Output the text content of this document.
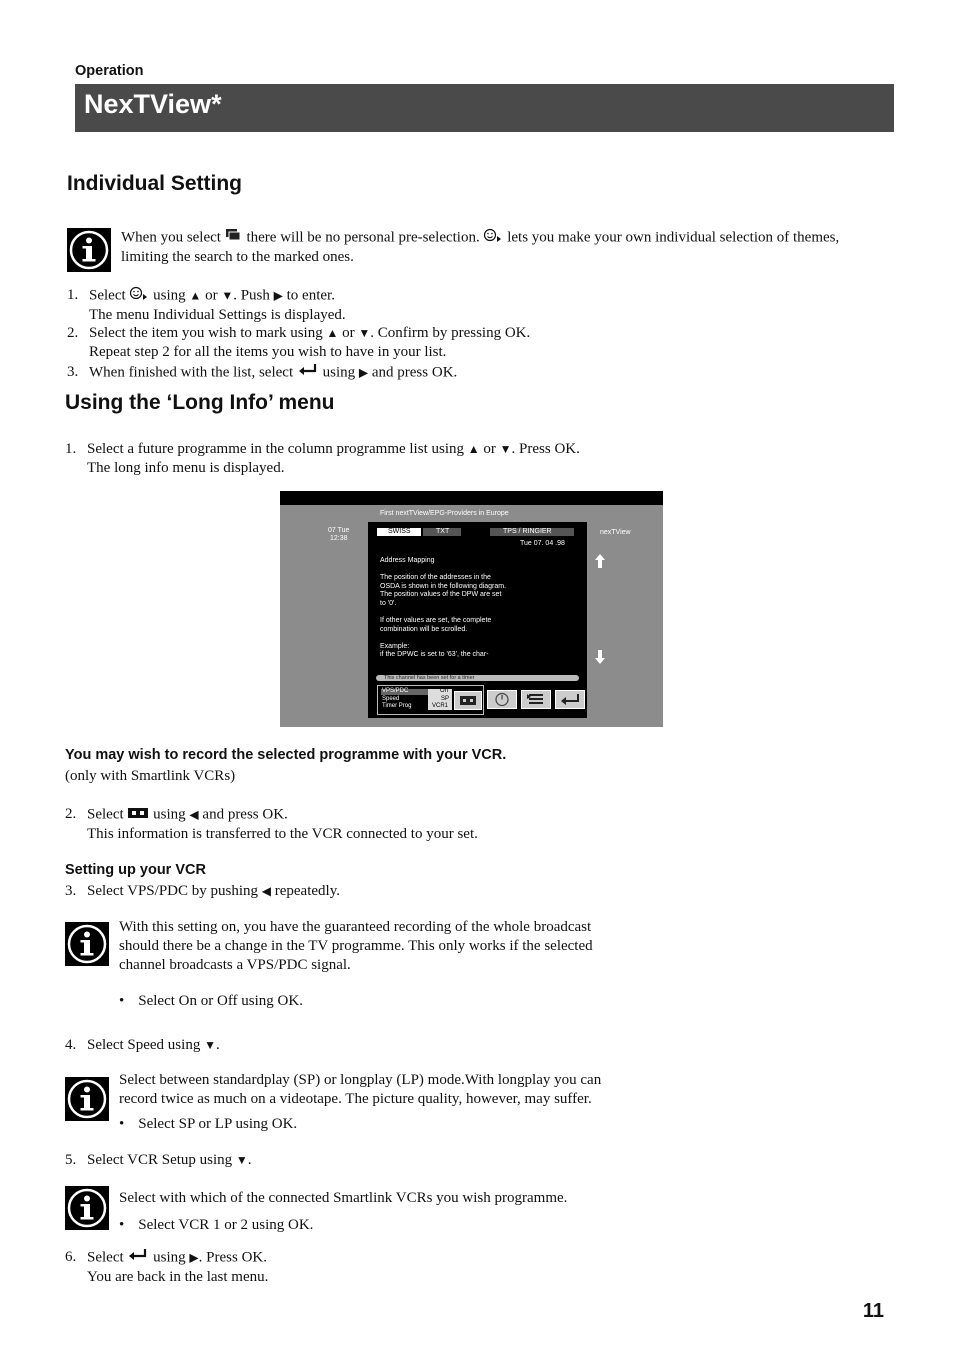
Operation
NexTView*
Individual Setting
When you select there will be no personal pre-selection. lets you make your own individual selection of themes,
limiting the search to the marked ones.
1. Select using ▲ or ▼. Push ▶ to enter.
The menu Individual Settings is displayed.
2. Select the item you wish to mark using ▲ or ▼. Confirm by pressing OK.
Repeat step 2 for all the items you wish to have in your list.
3. When finished with the list, select using ▶ and press OK.
Using the ‘Long Info’ menu
1. Select a future programme in the column programme list using ▲ or ▼. Press OK.
The long info menu is displayed.
First nextTView/EPG-Providers in Europe
07 Tue
12:38
nexTView
SWISS	TXT	TPS / RINGIER
Tue 07. 04 .98
Address Mapping
The position of the addresses in the
OSDA is shown in the following diagram.
The position values of the DPW are set
to '0'.
If other values are set, the complete
combination will be scrolled.
Example:
if the DPWC is set to '63', the char-
This channel has been set for a timer
VPS/PDC
Speed
Timer Prog
On
SP
VCR1
You may wish to record the selected programme with your VCR.
(only with Smartlink VCRs)
2. Select using ◀ and press OK.
This information is transferred to the VCR connected to your set.
Setting up your VCR
3. Select VPS/PDC by pushing ◀ repeatedly.
With this setting on, you have the guaranteed recording of the whole broadcast
should there be a change in the TV programme. This only works if the selected
channel broadcasts a VPS/PDC signal.
• Select On or Off using OK.
4. Select Speed using ▼.
Select between standardplay (SP) or longplay (LP) mode.With longplay you can
record twice as much on a videotape. The picture quality, however, may suffer.
• Select SP or LP using OK.
5. Select VCR Setup using ▼.
Select with which of the connected Smartlink VCRs you wish programme.
• Select VCR 1 or 2 using OK.
6. Select using ▶. Press OK.
You are back in the last menu.
11
